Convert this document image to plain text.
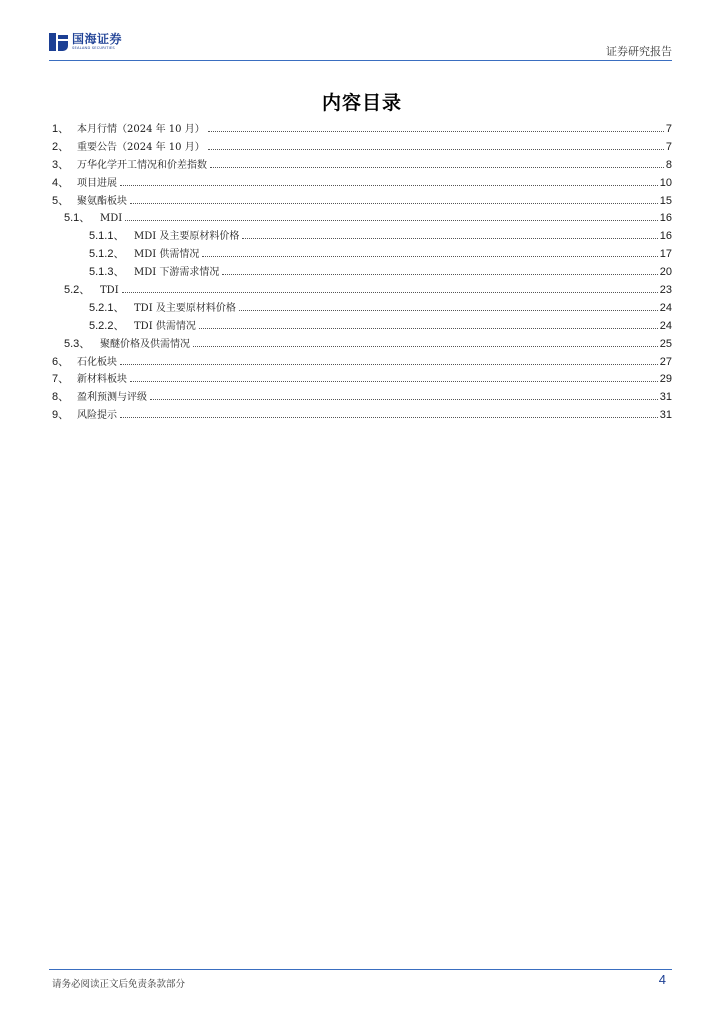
国海证券
SEALAND SECURITIES	证券研究报告
内容目录
1、 本月行情（2024 年 10 月）	7
2、 重要公告（2024 年 10 月）	7
3、 万华化学开工情况和价差指数	8
4、 项目进展	10
5、 聚氨酯板块	15
5.1、 MDI	16
5.1.1、 MDI 及主要原材料价格	16
5.1.2、 MDI 供需情况	17
5.1.3、 MDI 下游需求情况	20
5.2、 TDI	23
5.2.1、 TDI 及主要原材料价格	24
5.2.2、 TDI 供需情况	24
5.3、 聚醚价格及供需情况	25
6、 石化板块	27
7、 新材料板块	29
8、 盈利预测与评级	31
9、 风险提示	31
请务必阅读正文后免责条款部分	4
